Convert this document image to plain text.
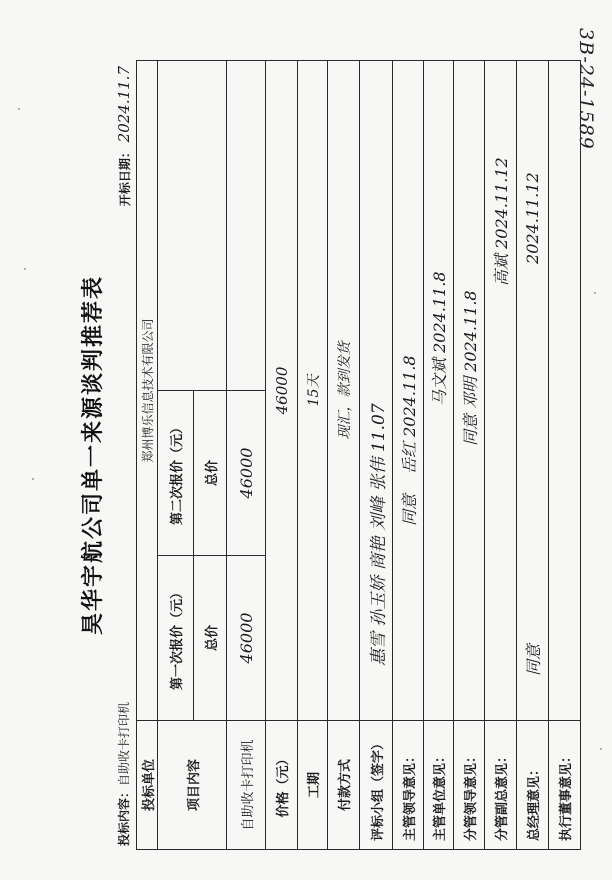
3B-24-1589
昊华宇航公司单一来源谈判推荐表
投标内容：自助收卡打印机
开标日期： 2024.11.7
投标单位
郑州博乐信息技术有限公司
项目内容
第一次报价（元）
第二次报价（元）
总价
总价
自助收卡打印机
46000
46000
价格（元）
46000
工期
15天
付款方式
现汇，款到发货
评标小组（签字）
惠雪 孙玉娇 商艳 刘峰 张伟 11.07
主管领导意见：
同意
岳红 2024.11.8
主管单位意见：
马文斌 2024.11.8
分管领导意见：
同意 邓明 2024.11.8
分管副总意见：
高斌 2024.11.12
总经理意见：
同意
2024.11.12
执行董事意见：
